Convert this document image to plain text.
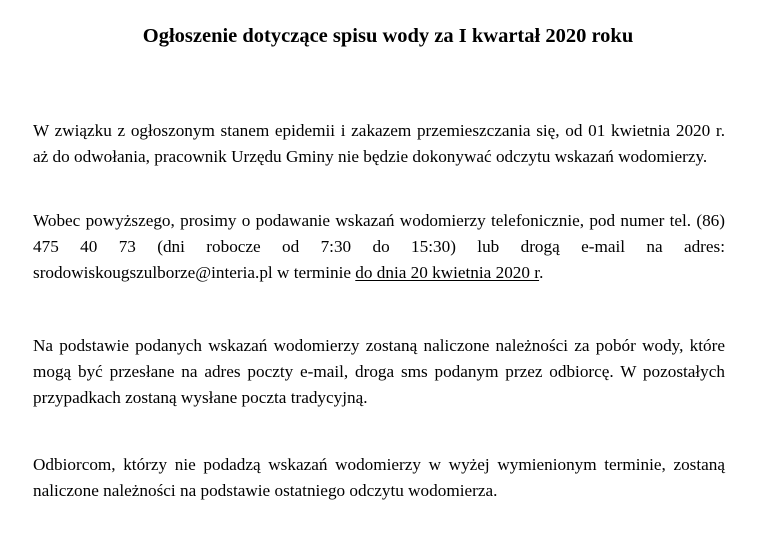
Ogłoszenie dotyczące spisu wody za I kwartał 2020 roku

W związku z ogłoszonym stanem epidemii i zakazem przemieszczania się, od 01 kwietnia 2020 r. aż do odwołania, pracownik Urzędu Gminy nie będzie dokonywać odczytu wskazań wodomierzy.

Wobec powyższego, prosimy o podawanie wskazań wodomierzy telefonicznie, pod numer tel. (86) 475 40 73 (dni robocze od 7:30 do 15:30) lub drogą e-mail na adres: srodowiskougszulborze@interia.pl w terminie do dnia 20 kwietnia 2020 r.

Na podstawie podanych wskazań wodomierzy zostaną naliczone należności za pobór wody, które mogą być przesłane na adres poczty e-mail, droga sms podanym przez odbiorcę. W pozostałych przypadkach zostaną wysłane poczta tradycyjną.

Odbiorcom, którzy nie podadzą wskazań wodomierzy w wyżej wymienionym terminie, zostaną naliczone należności na podstawie ostatniego odczytu wodomierza.
